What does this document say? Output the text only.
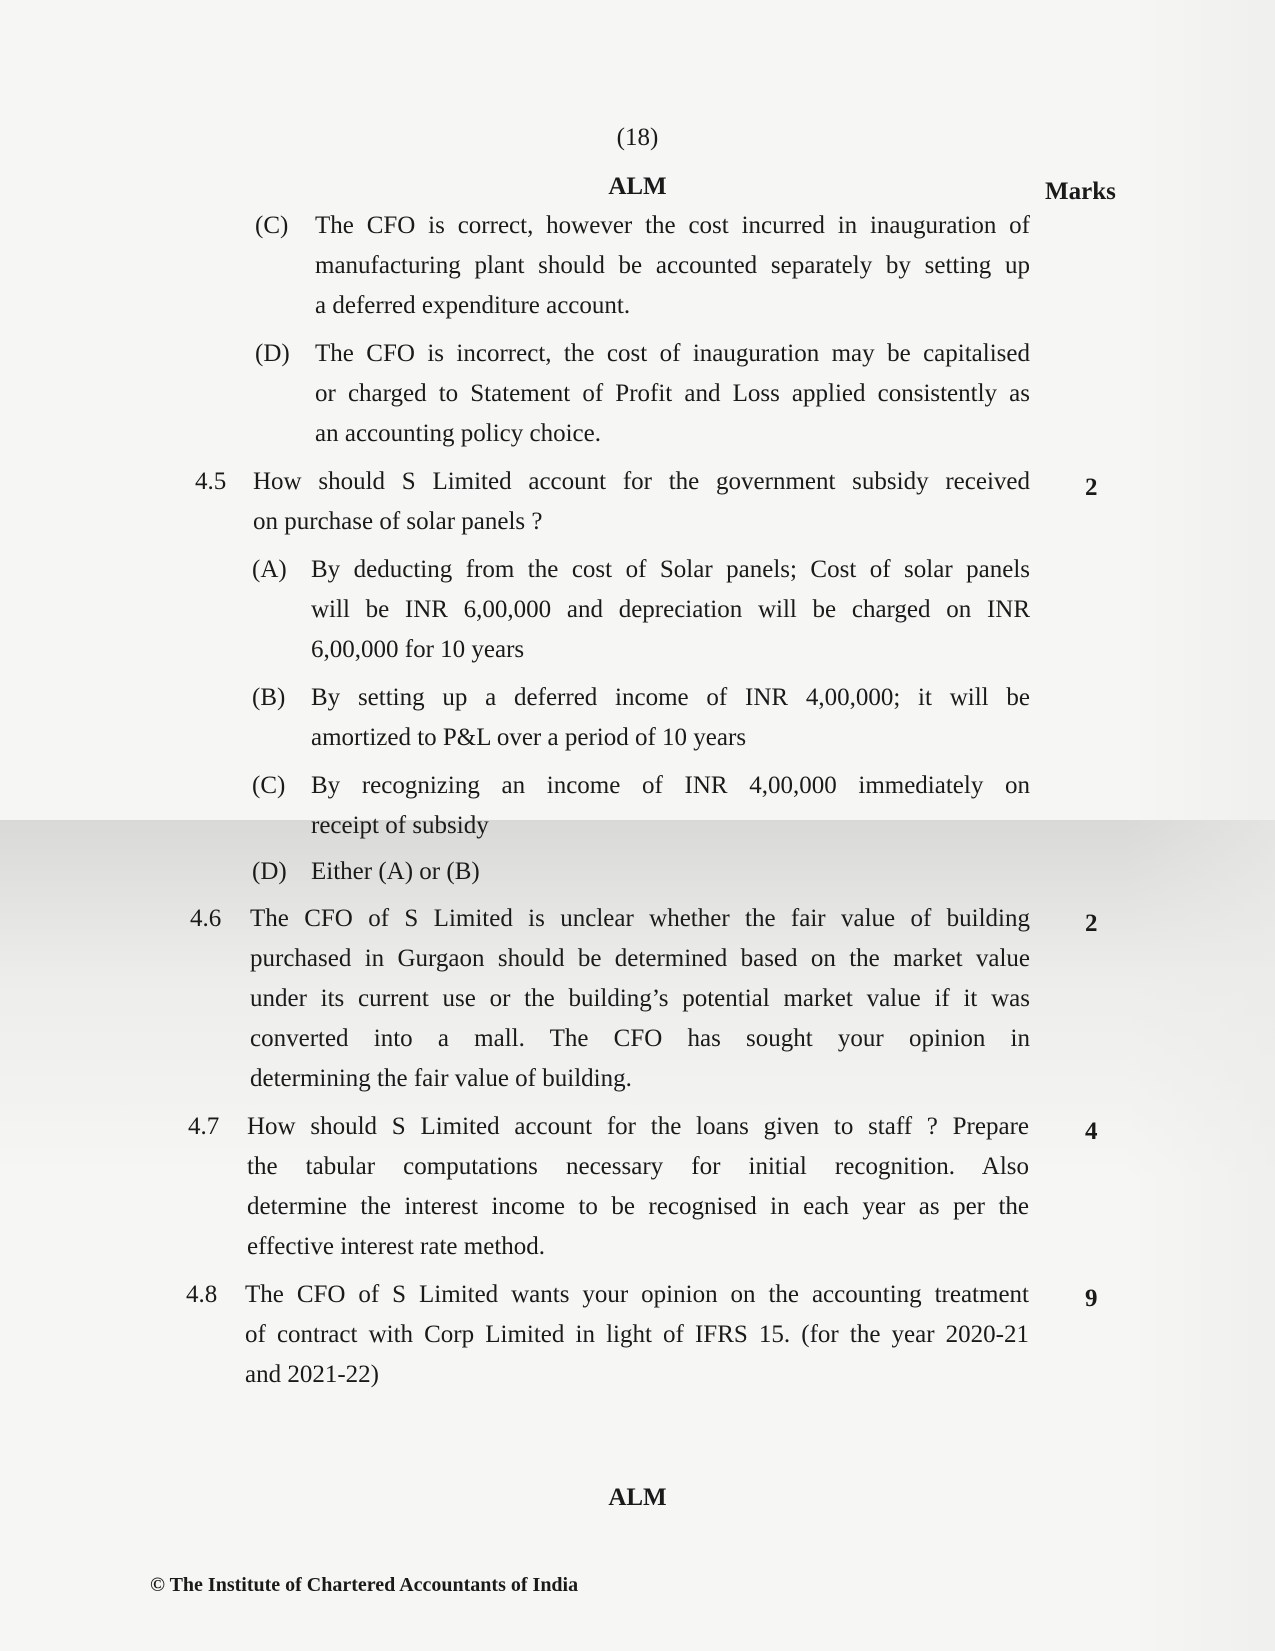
(18)
ALM	Marks
(C) The CFO is correct, however the cost incurred in inauguration of
manufacturing plant should be accounted separately by setting up
a deferred expenditure account.
(D) The CFO is incorrect, the cost of inauguration may be capitalised
or charged to Statement of Profit and Loss applied consistently as
an accounting policy choice.
4.5 How should S Limited account for the government subsidy received
on purchase of solar panels ?
2
(A) By deducting from the cost of Solar panels; Cost of solar panels
will be INR 6,00,000 and depreciation will be charged on INR
6,00,000 for 10 years
(B) By setting up a deferred income of INR 4,00,000; it will be
amortized to P&L over a period of 10 years
(C) By recognizing an income of INR 4,00,000 immediately on
receipt of subsidy
(D) Either (A) or (B)
4.6 The CFO of S Limited is unclear whether the fair value of building
purchased in Gurgaon should be determined based on the market value
under its current use or the building’s potential market value if it was
converted into a mall. The CFO has sought your opinion in
determining the fair value of building.
2
4.7 How should S Limited account for the loans given to staff ? Prepare
the tabular computations necessary for initial recognition. Also
determine the interest income to be recognised in each year as per the
effective interest rate method.
4
4.8 The CFO of S Limited wants your opinion on the accounting treatment
of contract with Corp Limited in light of IFRS 15. (for the year 2020-21
and 2021-22)
9
ALM
© The Institute of Chartered Accountants of India
